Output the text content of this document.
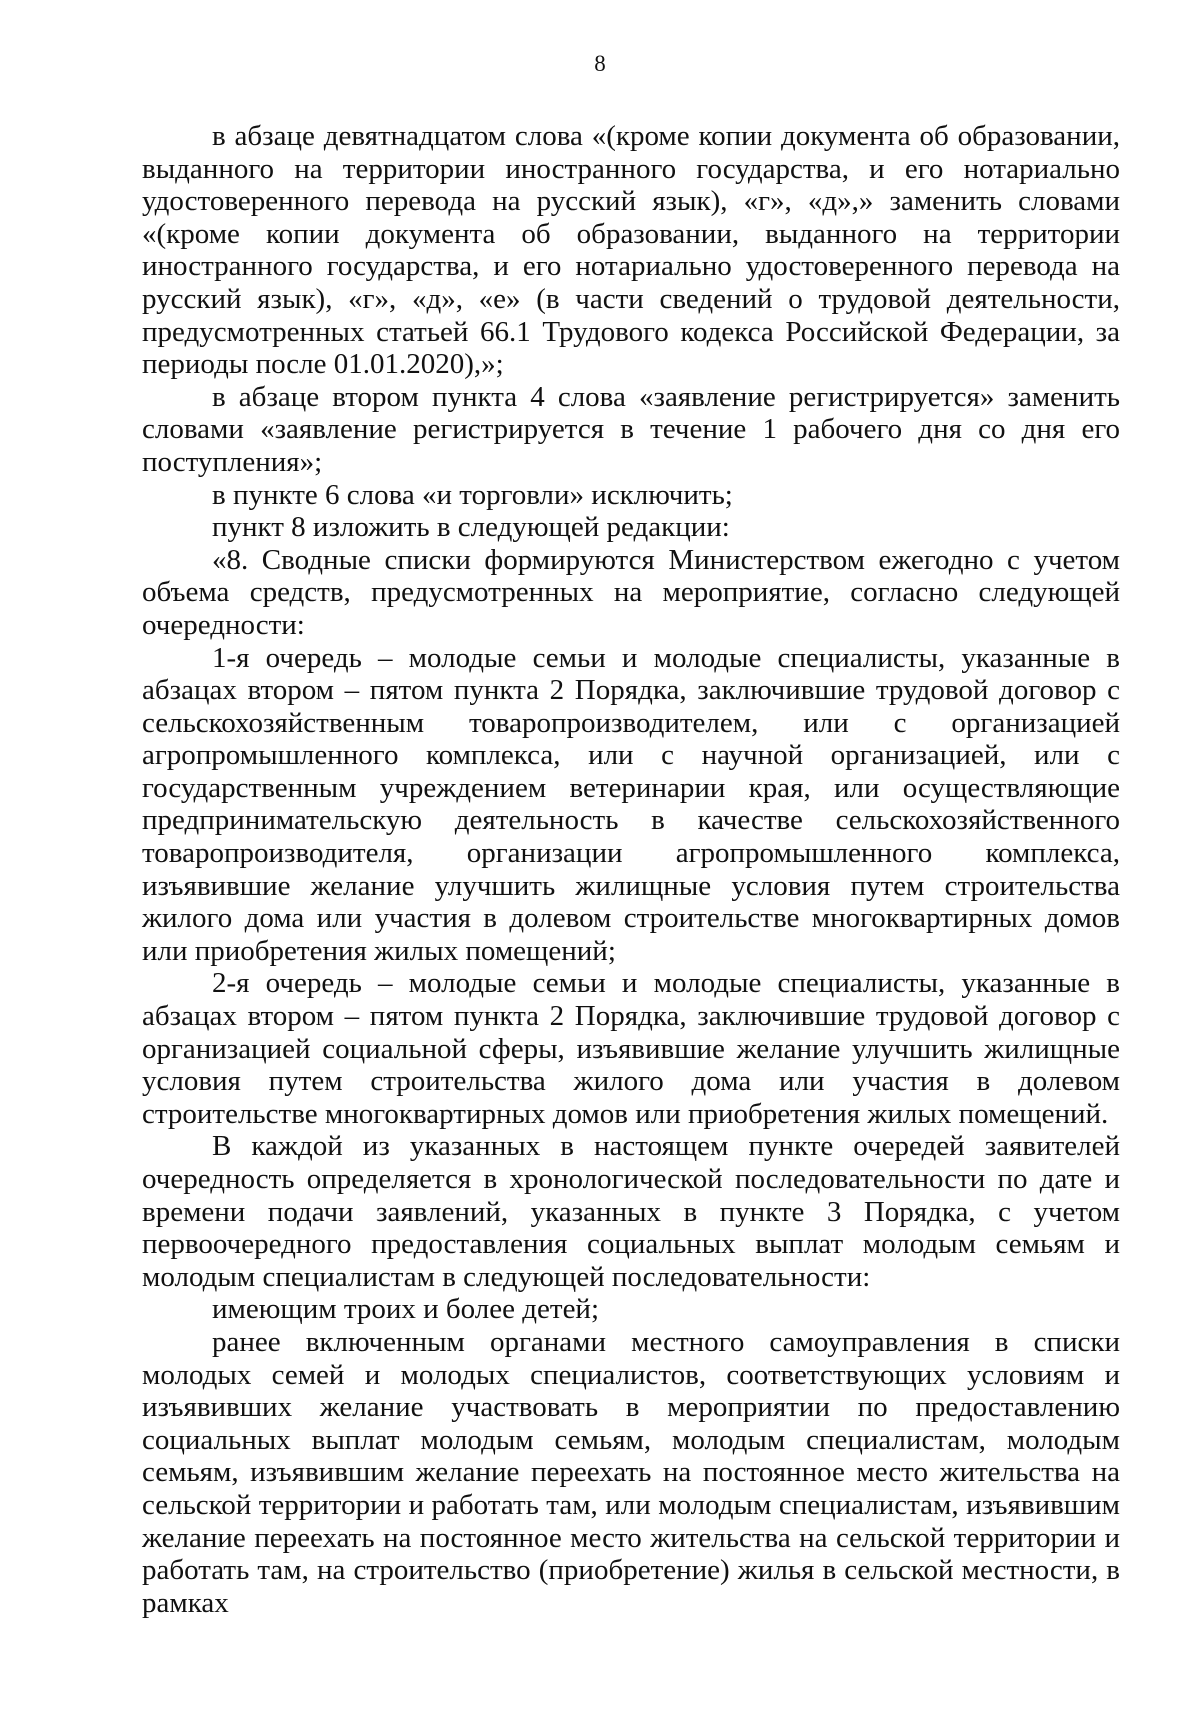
8

в абзаце девятнадцатом слова «(кроме копии документа об образовании, выданного на территории иностранного государства, и его нотариально удостоверенного перевода на русский язык), «г», «д»,» заменить словами «(кроме копии документа об образовании, выданного на территории иностранного государства, и его нотариально удостоверенного перевода на русский язык), «г», «д», «е» (в части сведений о трудовой деятельности, предусмотренных статьей 66.1 Трудового кодекса Российской Федерации, за периоды после 01.01.2020),»;

в абзаце втором пункта 4 слова «заявление регистрируется» заменить словами «заявление регистрируется в течение 1 рабочего дня со дня его поступления»;

в пункте 6 слова «и торговли» исключить;

пункт 8 изложить в следующей редакции:

«8. Сводные списки формируются Министерством ежегодно с учетом объема средств, предусмотренных на мероприятие, согласно следующей очередности:

1-я очередь – молодые семьи и молодые специалисты, указанные в абзацах втором – пятом пункта 2 Порядка, заключившие трудовой договор с сельскохозяйственным товаропроизводителем, или с организацией агропромышленного комплекса, или с научной организацией, или с государственным учреждением ветеринарии края, или осуществляющие предпринимательскую деятельность в качестве сельскохозяйственного товаропроизводителя, организации агропромышленного комплекса, изъявившие желание улучшить жилищные условия путем строительства жилого дома или участия в долевом строительстве многоквартирных домов или приобретения жилых помещений;

2-я очередь – молодые семьи и молодые специалисты, указанные в абзацах втором – пятом пункта 2 Порядка, заключившие трудовой договор с организацией социальной сферы, изъявившие желание улучшить жилищные условия путем строительства жилого дома или участия в долевом строительстве многоквартирных домов или приобретения жилых помещений.

В каждой из указанных в настоящем пункте очередей заявителей очередность определяется в хронологической последовательности по дате и времени подачи заявлений, указанных в пункте 3 Порядка, с учетом первоочередного предоставления социальных выплат молодым семьям и молодым специалистам в следующей последовательности:

имеющим троих и более детей;

ранее включенным органами местного самоуправления в списки молодых семей и молодых специалистов, соответствующих условиям и изъявивших желание участвовать в мероприятии по предоставлению социальных выплат молодым семьям, молодым специалистам, молодым семьям, изъявившим желание переехать на постоянное место жительства на сельской территории и работать там, или молодым специалистам, изъявившим желание переехать на постоянное место жительства на сельской территории и работать там, на строительство (приобретение) жилья в сельской местности, в рамках
